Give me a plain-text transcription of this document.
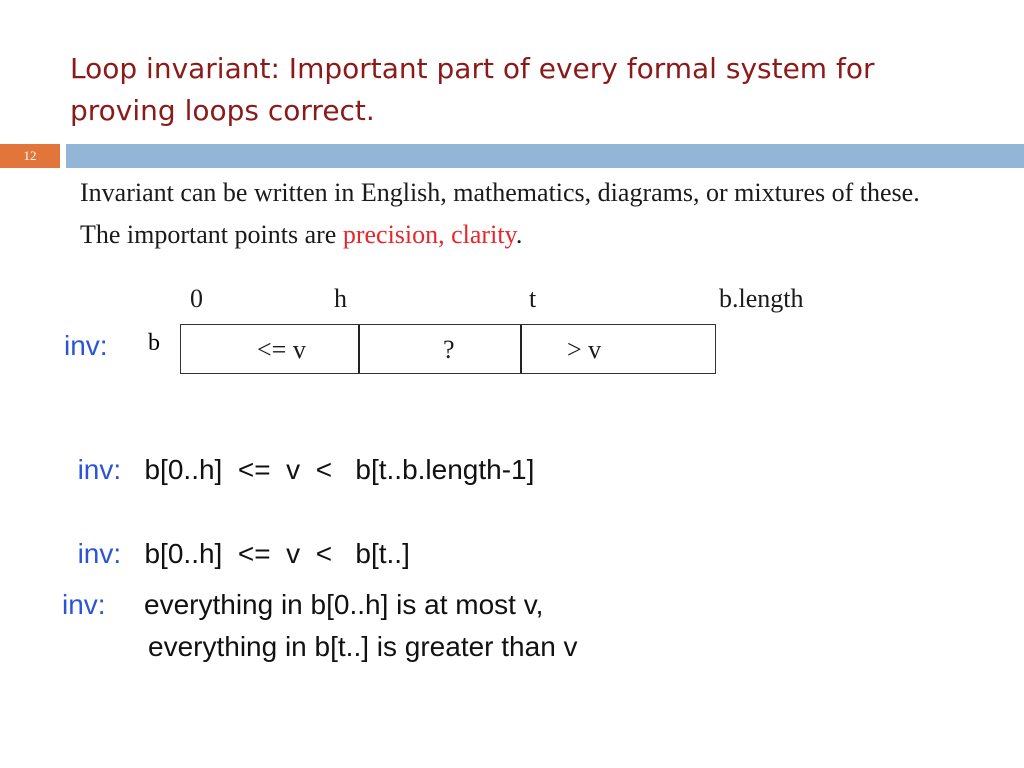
Loop invariant: Important part of every formal system for proving loops correct.
12
Invariant can be written in English, mathematics, diagrams, or mixtures of these. The important points are precision, clarity.
0	h	t	b.length
inv: b	<= v	?	> v

inv: b[0..h]  <=  v  <   b[t..b.length-1]

inv: b[0..h]  <=  v  <   b[t..]

inv: everything in b[0..h] is at most v,
everything in b[t..] is greater than v
